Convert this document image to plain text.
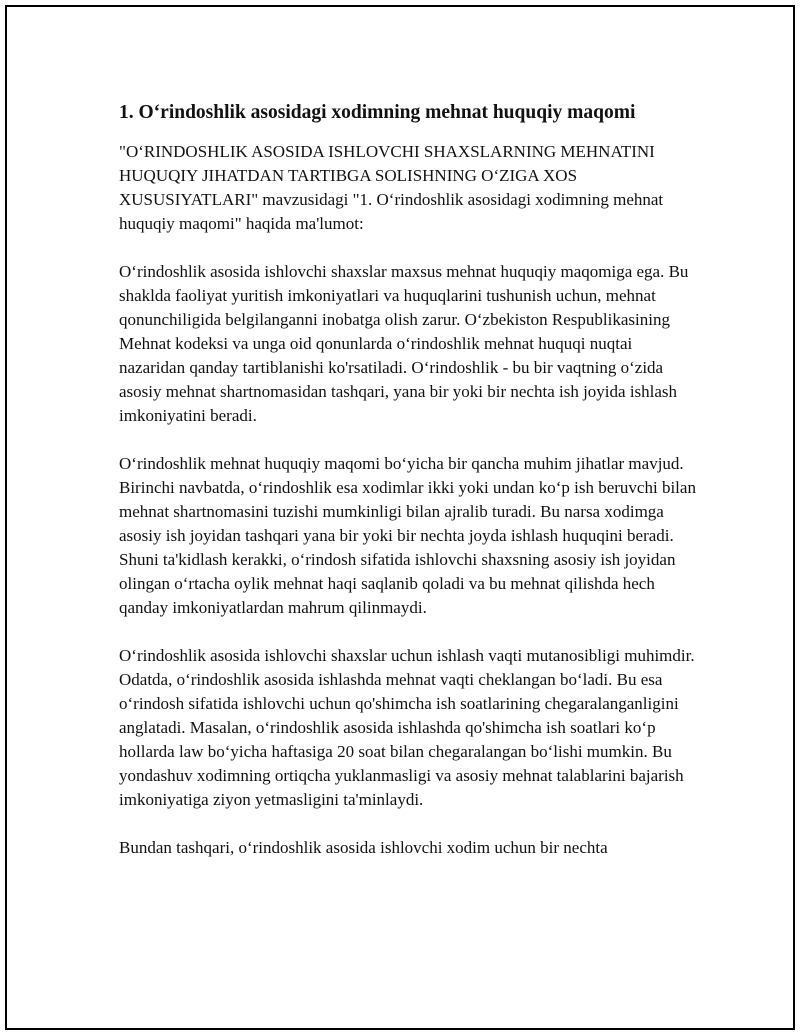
1. O‘rindoshlik asosidagi xodimning mehnat huquqiy maqomi

"O‘RINDOSHLIK ASOSIDA ISHLOVCHI SHAXSLARNING MEHNATINI HUQUQIY JIHATDAN TARTIBGA SOLISHNING O‘ZIGA XOS XUSUSIYATLARI" mavzusidagi "1. O‘rindoshlik asosidagi xodimning mehnat huquqiy maqomi" haqida ma'lumot:

O‘rindoshlik asosida ishlovchi shaxslar maxsus mehnat huquqiy maqomiga ega. Bu shaklda faoliyat yuritish imkoniyatlari va huquqlarini tushunish uchun, mehnat qonunchiligida belgilanganni inobatga olish zarur. O‘zbekiston Respublikasining Mehnat kodeksi va unga oid qonunlarda o‘rindoshlik mehnat huquqi nuqtai nazaridan qanday tartiblanishi ko'rsatiladi. O‘rindoshlik - bu bir vaqtning o‘zida asosiy mehnat shartnomasidan tashqari, yana bir yoki bir nechta ish joyida ishlash imkoniyatini beradi.

O‘rindoshlik mehnat huquqiy maqomi bo‘yicha bir qancha muhim jihatlar mavjud. Birinchi navbatda, o‘rindoshlik esa xodimlar ikki yoki undan ko‘p ish beruvchi bilan mehnat shartnomasini tuzishi mumkinligi bilan ajralib turadi. Bu narsa xodimga asosiy ish joyidan tashqari yana bir yoki bir nechta joyda ishlash huquqini beradi. Shuni ta'kidlash kerakki, o‘rindosh sifatida ishlovchi shaxsning asosiy ish joyidan olingan o‘rtacha oylik mehnat haqi saqlanib qoladi va bu mehnat qilishda hech qanday imkoniyatlardan mahrum qilinmaydi.

O‘rindoshlik asosida ishlovchi shaxslar uchun ishlash vaqti mutanosibligi muhimdir. Odatda, o‘rindoshlik asosida ishlashda mehnat vaqti cheklangan bo‘ladi. Bu esa o‘rindosh sifatida ishlovchi uchun qo'shimcha ish soatlarining chegaralanganligini anglatadi. Masalan, o‘rindoshlik asosida ishlashda qo'shimcha ish soatlari ko‘p hollarda law bo‘yicha haftasiga 20 soat bilan chegaralangan bo‘lishi mumkin. Bu yondashuv xodimning ortiqcha yuklanmasligi va asosiy mehnat talablarini bajarish imkoniyatiga ziyon yetmasligini ta'minlaydi.

Bundan tashqari, o‘rindoshlik asosida ishlovchi xodim uchun bir nechta
